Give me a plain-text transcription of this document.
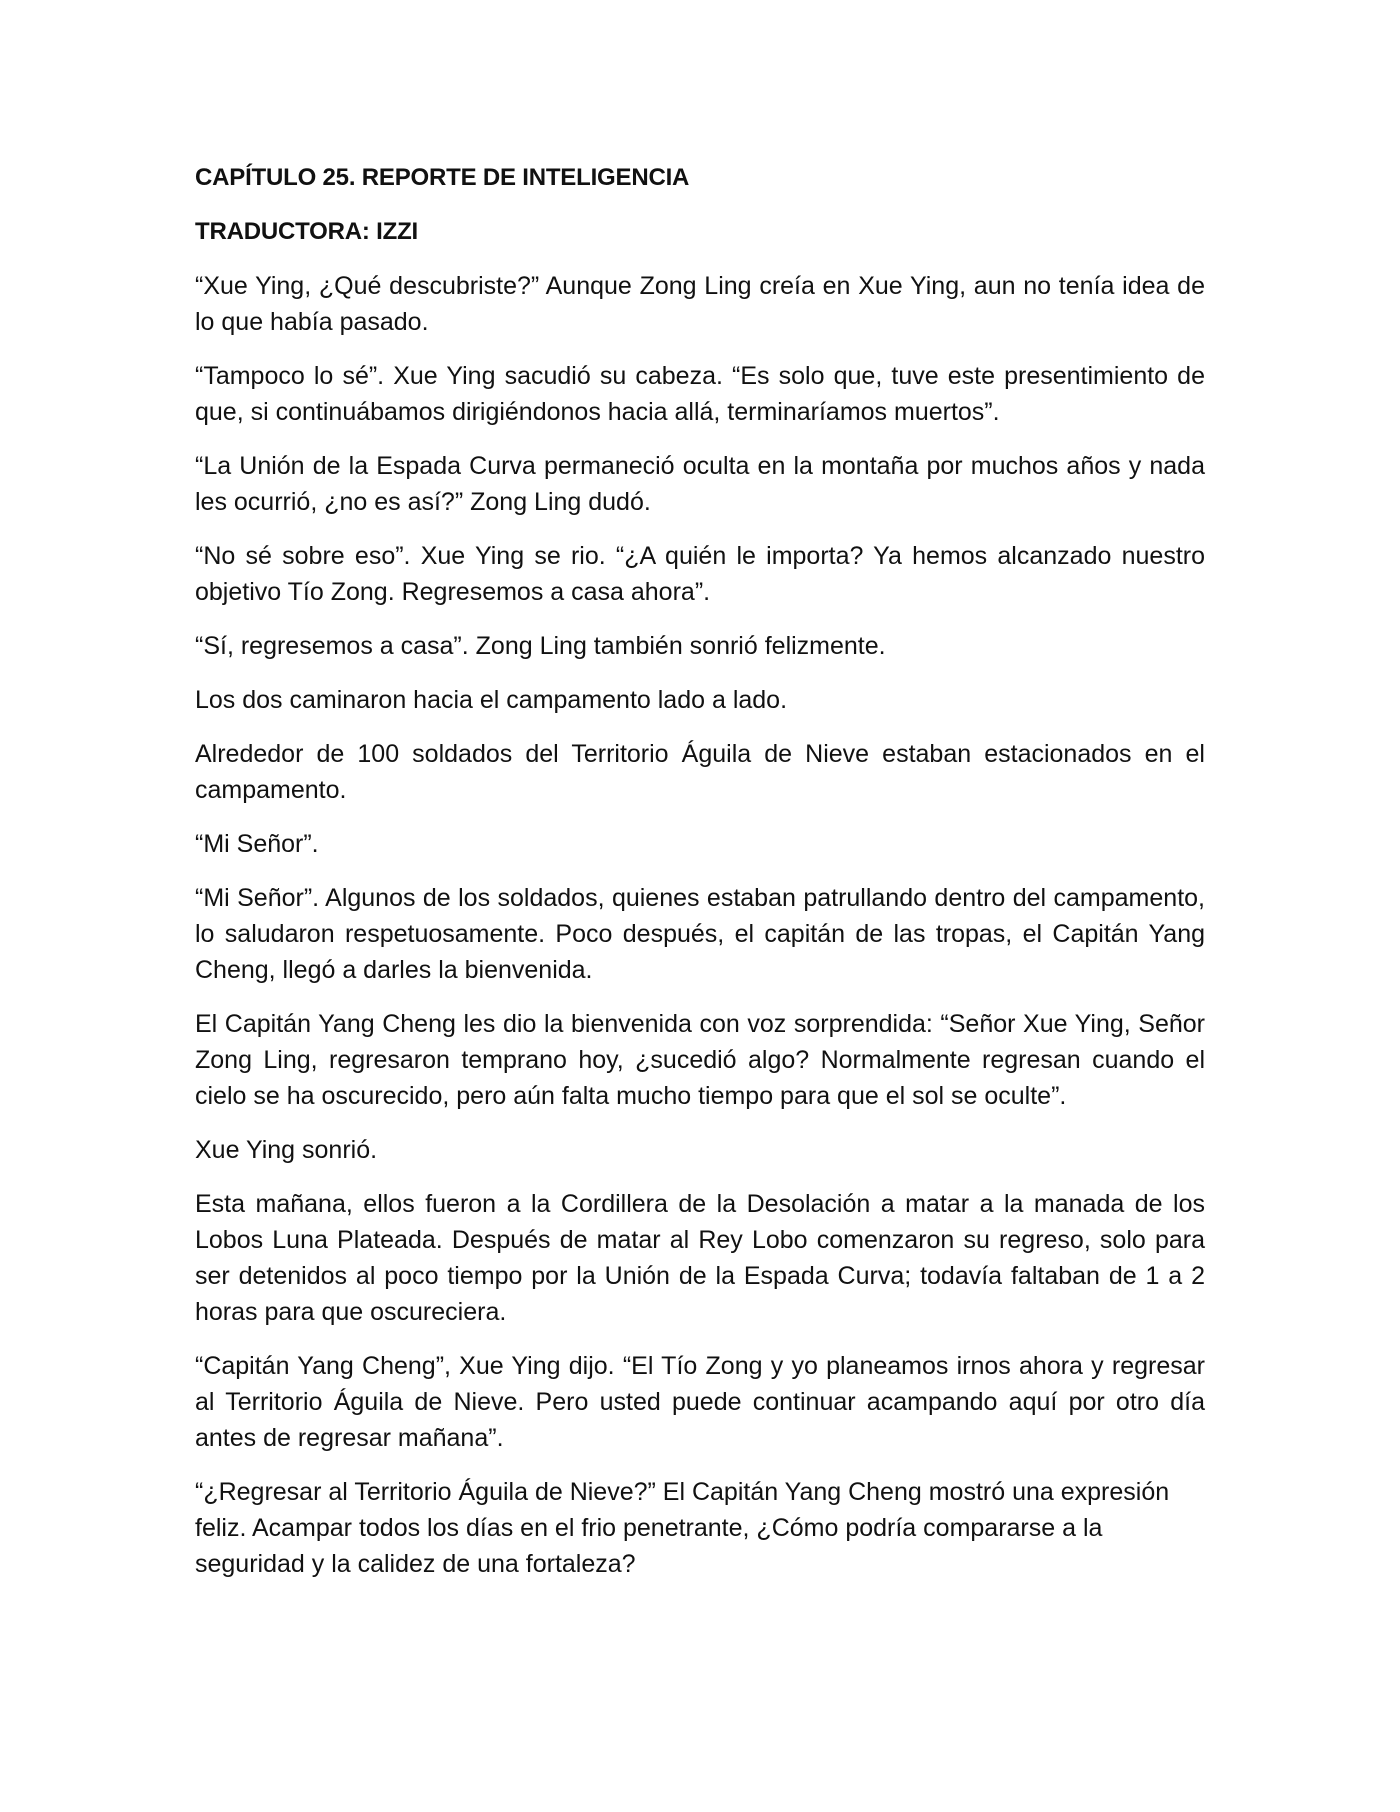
CAPÍTULO 25. REPORTE DE INTELIGENCIA
TRADUCTORA: IZZI

“Xue Ying, ¿Qué descubriste?” Aunque Zong Ling creía en Xue Ying, aun no tenía idea de lo que había pasado.

“Tampoco lo sé”. Xue Ying sacudió su cabeza. “Es solo que, tuve este presentimiento de que, si continuábamos dirigiéndonos hacia allá, terminaríamos muertos”.

“La Unión de la Espada Curva permaneció oculta en la montaña por muchos años y nada les ocurrió, ¿no es así?” Zong Ling dudó.

“No sé sobre eso”. Xue Ying se rio. “¿A quién le importa? Ya hemos alcanzado nuestro objetivo Tío Zong. Regresemos a casa ahora”.

“Sí, regresemos a casa”. Zong Ling también sonrió felizmente.

Los dos caminaron hacia el campamento lado a lado.

Alrededor de 100 soldados del Territorio Águila de Nieve estaban estacionados en el campamento.

“Mi Señor”.

“Mi Señor”. Algunos de los soldados, quienes estaban patrullando dentro del campamento, lo saludaron respetuosamente. Poco después, el capitán de las tropas, el Capitán Yang Cheng, llegó a darles la bienvenida.

El Capitán Yang Cheng les dio la bienvenida con voz sorprendida: “Señor Xue Ying, Señor Zong Ling, regresaron temprano hoy, ¿sucedió algo? Normalmente regresan cuando el cielo se ha oscurecido, pero aún falta mucho tiempo para que el sol se oculte”.

Xue Ying sonrió.

Esta mañana, ellos fueron a la Cordillera de la Desolación a matar a la manada de los Lobos Luna Plateada. Después de matar al Rey Lobo comenzaron su regreso, solo para ser detenidos al poco tiempo por la Unión de la Espada Curva; todavía faltaban de 1 a 2 horas para que oscureciera.

“Capitán Yang Cheng”, Xue Ying dijo. “El Tío Zong y yo planeamos irnos ahora y regresar al Territorio Águila de Nieve. Pero usted puede continuar acampando aquí por otro día antes de regresar mañana”.

“¿Regresar al Territorio Águila de Nieve?” El Capitán Yang Cheng mostró una expresión feliz. Acampar todos los días en el frio penetrante, ¿Cómo podría compararse a la seguridad y la calidez de una fortaleza?
